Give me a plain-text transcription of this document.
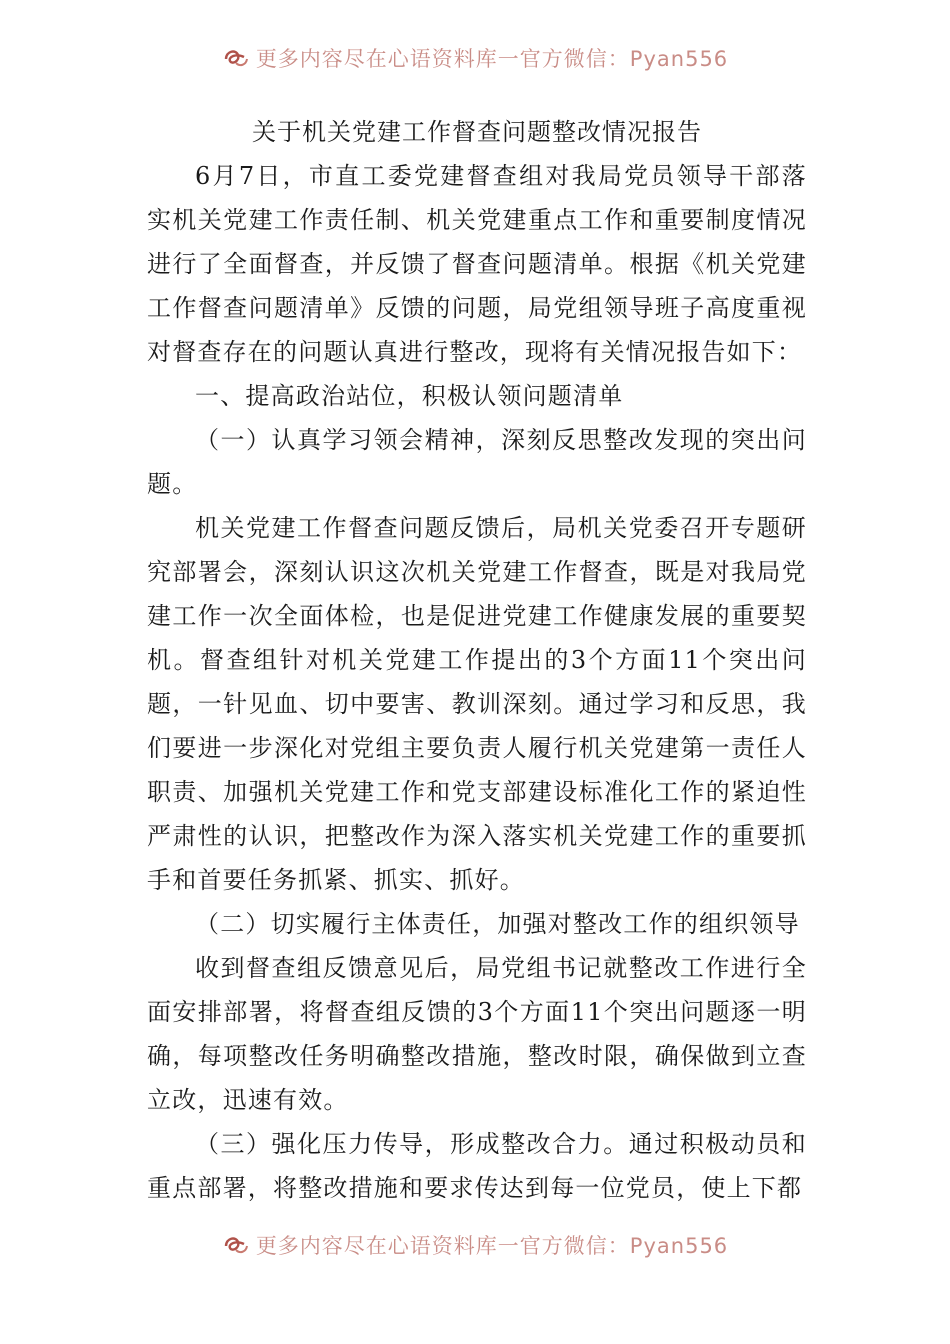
更多内容尽在心语资料库一官方微信：Pyan556

关于机关党建工作督查问题整改情况报告

6月7日，市直工委党建督查组对我局党员领导干部落实机关党建工作责任制、机关党建重点工作和重要制度情况进行了全面督查，并反馈了督查问题清单。根据《机关党建工作督查问题清单》反馈的问题，局党组领导班子高度重视对督查存在的问题认真进行整改，现将有关情况报告如下：

一、提高政治站位，积极认领问题清单

（一）认真学习领会精神，深刻反思整改发现的突出问题。

机关党建工作督查问题反馈后，局机关党委召开专题研究部署会，深刻认识这次机关党建工作督查，既是对我局党建工作一次全面体检，也是促进党建工作健康发展的重要契机。督查组针对机关党建工作提出的3个方面11个突出问题，一针见血、切中要害、教训深刻。通过学习和反思，我们要进一步深化对党组主要负责人履行机关党建第一责任人职责、加强机关党建工作和党支部建设标准化工作的紧迫性严肃性的认识，把整改作为深入落实机关党建工作的重要抓手和首要任务抓紧、抓实、抓好。

（二）切实履行主体责任，加强对整改工作的组织领导

收到督查组反馈意见后，局党组书记就整改工作进行全面安排部署，将督查组反馈的3个方面11个突出问题逐一明确，每项整改任务明确整改措施，整改时限，确保做到立查立改，迅速有效。

（三）强化压力传导，形成整改合力。通过积极动员和重点部署，将整改措施和要求传达到每一位党员，使上下都

更多内容尽在心语资料库一官方微信：Pyan556
